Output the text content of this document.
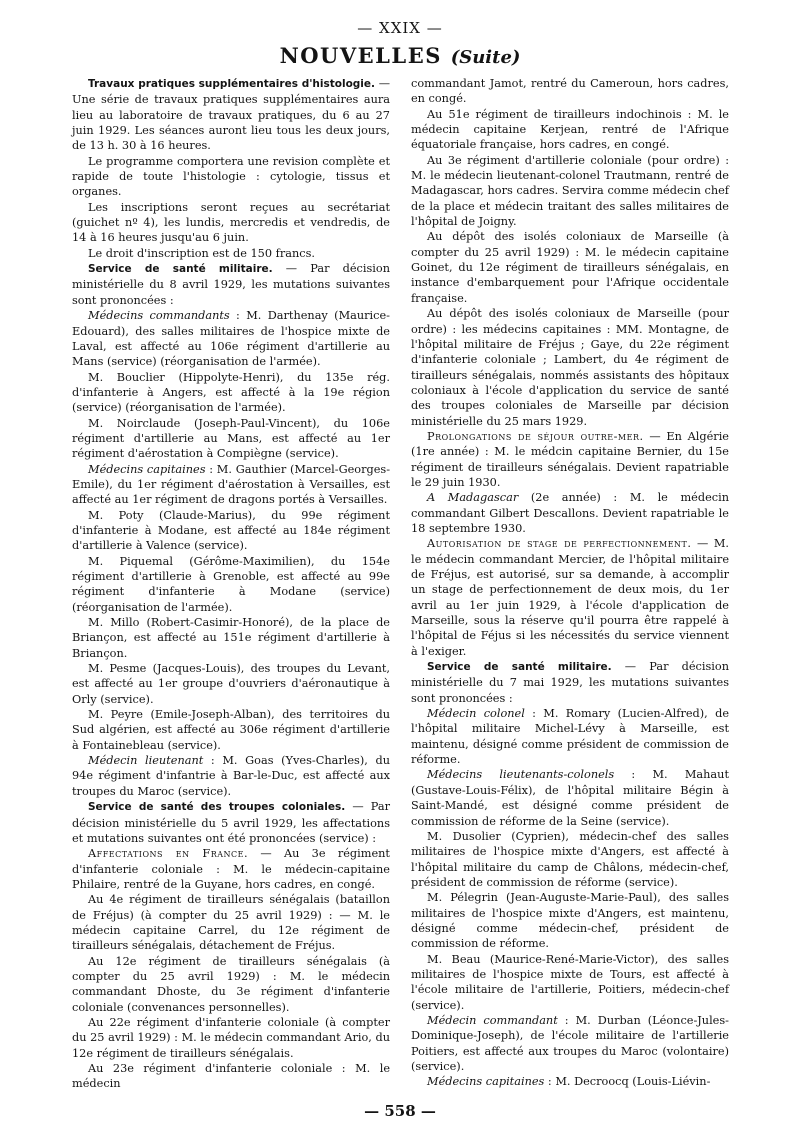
— XXIX —
NOUVELLES (Suite)

Travaux pratiques supplémentaires d'histologie. — Une série de travaux pratiques supplémentaires aura lieu au laboratoire de travaux pratiques, du 6 au 27 juin 1929. Les séances auront lieu tous les deux jours, de 13 h. 30 à 16 heures.

Le programme comportera une revision complète et rapide de toute l'histologie : cytologie, tissus et organes.

Les inscriptions seront reçues au secrétariat (guichet nº 4), les lundis, mercredis et vendredis, de 14 à 16 heures jusqu'au 6 juin.

Le droit d'inscription est de 150 francs.

Service de santé militaire. — Par décision ministérielle du 8 avril 1929, les mutations suivantes sont prononcées :

Médecins commandants : M. Darthenay (Maurice-Edouard), des salles militaires de l'hospice mixte de Laval, est affecté au 106e régiment d'artillerie au Mans (service) (réorganisation de l'armée).

M. Bouclier (Hippolyte-Henri), du 135e rég. d'infanterie à Angers, est affecté à la 19e région (service) (réorganisation de l'armée).

M. Noirclaude (Joseph-Paul-Vincent), du 106e régiment d'artillerie au Mans, est affecté au 1er régiment d'aérostation à Compiègne (service).

Médecins capitaines : M. Gauthier (Marcel-Georges-Emile), du 1er régiment d'aérostation à Versailles, est affecté au 1er régiment de dragons portés à Versailles.

M. Poty (Claude-Marius), du 99e régiment d'infanterie à Modane, est affecté au 184e régiment d'artillerie à Valence (service).

M. Piquemal (Gérôme-Maximilien), du 154e régiment d'artillerie à Grenoble, est affecté au 99e régiment d'infanterie à Modane (service) (réorganisation de l'armée).

M. Millo (Robert-Casimir-Honoré), de la place de Briançon, est affecté au 151e régiment d'artillerie à Briançon.

M. Pesme (Jacques-Louis), des troupes du Levant, est affecté au 1er groupe d'ouvriers d'aéronautique à Orly (service).

M. Peyre (Emile-Joseph-Alban), des territoires du Sud algérien, est affecté au 306e régiment d'artillerie à Fontainebleau (service).

Médecin lieutenant : M. Goas (Yves-Charles), du 94e régiment d'infantrie à Bar-le-Duc, est affecté aux troupes du Maroc (service).

Service de santé des troupes coloniales. — Par décision ministérielle du 5 avril 1929, les affectations et mutations suivantes ont été prononcées (service) :

Affectations en France. — Au 3e régiment d'infanterie coloniale : M. le médecin-capitaine Philaire, rentré de la Guyane, hors cadres, en congé.

Au 4e régiment de tirailleurs sénégalais (bataillon de Fréjus) (à compter du 25 avril 1929) : — M. le médecin capitaine Carrel, du 12e régiment de tirailleurs sénégalais, détachement de Fréjus.

Au 12e régiment de tirailleurs sénégalais (à compter du 25 avril 1929) : M. le médecin commandant Dhoste, du 3e régiment d'infanterie coloniale (convenances personnelles).

Au 22e régiment d'infanterie coloniale (à compter du 25 avril 1929) : M. le médecin commandant Ario, du 12e régiment de tirailleurs sénégalais.

Au 23e régiment d'infanterie coloniale : M. le médecin

commandant Jamot, rentré du Cameroun, hors cadres, en congé.

Au 51e régiment de tirailleurs indochinois : M. le médecin capitaine Kerjean, rentré de l'Afrique équatoriale française, hors cadres, en congé.

Au 3e régiment d'artillerie coloniale (pour ordre) : M. le médecin lieutenant-colonel Trautmann, rentré de Madagascar, hors cadres. Servira comme médecin chef de la place et médecin traitant des salles militaires de l'hôpital de Joigny.

Au dépôt des isolés coloniaux de Marseille (à compter du 25 avril 1929) : M. le médecin capitaine Goinet, du 12e régiment de tirailleurs sénégalais, en instance d'embarquement pour l'Afrique occidentale française.

Au dépôt des isolés coloniaux de Marseille (pour ordre) : les médecins capitaines : MM. Montagne, de l'hôpital militaire de Fréjus ; Gaye, du 22e régiment d'infanterie coloniale ; Lambert, du 4e régiment de tirailleurs sénégalais, nommés assistants des hôpitaux coloniaux à l'école d'application du service de santé des troupes coloniales de Marseille par décision ministérielle du 25 mars 1929.

Prolongations de séjour outre-mer. — En Algérie (1re année) : M. le médcin capitaine Bernier, du 15e régiment de tirailleurs sénégalais. Devient rapatriable le 29 juin 1930.

A Madagascar (2e année) : M. le médecin commandant Gilbert Descallons. Devient rapatriable le 18 septembre 1930.

Autorisation de stage de perfectionnement. — M. le médecin commandant Mercier, de l'hôpital militaire de Fréjus, est autorisé, sur sa demande, à accomplir un stage de perfectionnement de deux mois, du 1er avril au 1er juin 1929, à l'école d'application de Marseille, sous la réserve qu'il pourra être rappelé à l'hôpital de Féjus si les nécessités du service viennent à l'exiger.

Service de santé militaire. — Par décision ministérielle du 7 mai 1929, les mutations suivantes sont prononcées :

Médecin colonel : M. Romary (Lucien-Alfred), de l'hôpital militaire Michel-Lévy à Marseille, est maintenu, désigné comme président de commission de réforme.

Médecins lieutenants-colonels : M. Mahaut (Gustave-Louis-Félix), de l'hôpital militaire Bégin à Saint-Mandé, est désigné comme président de commission de réforme de la Seine (service).

M. Dusolier (Cyprien), médecin-chef des salles militaires de l'hospice mixte d'Angers, est affecté à l'hôpital militaire du camp de Châlons, médecin-chef, président de commission de réforme (service).

M. Pélegrin (Jean-Auguste-Marie-Paul), des salles militaires de l'hospice mixte d'Angers, est maintenu, désigné comme médecin-chef, président de commission de réforme.

M. Beau (Maurice-René-Marie-Victor), des salles militaires de l'hospice mixte de Tours, est affecté à l'école militaire de l'artillerie, Poitiers, médecin-chef (service).

Médecin commandant : M. Durban (Léonce-Jules-Dominique-Joseph), de l'école militaire de l'artillerie Poitiers, est affecté aux troupes du Maroc (volontaire) (service).

Médecins capitaines : M. Decroocq (Louis-Liévin-

— 558 —
